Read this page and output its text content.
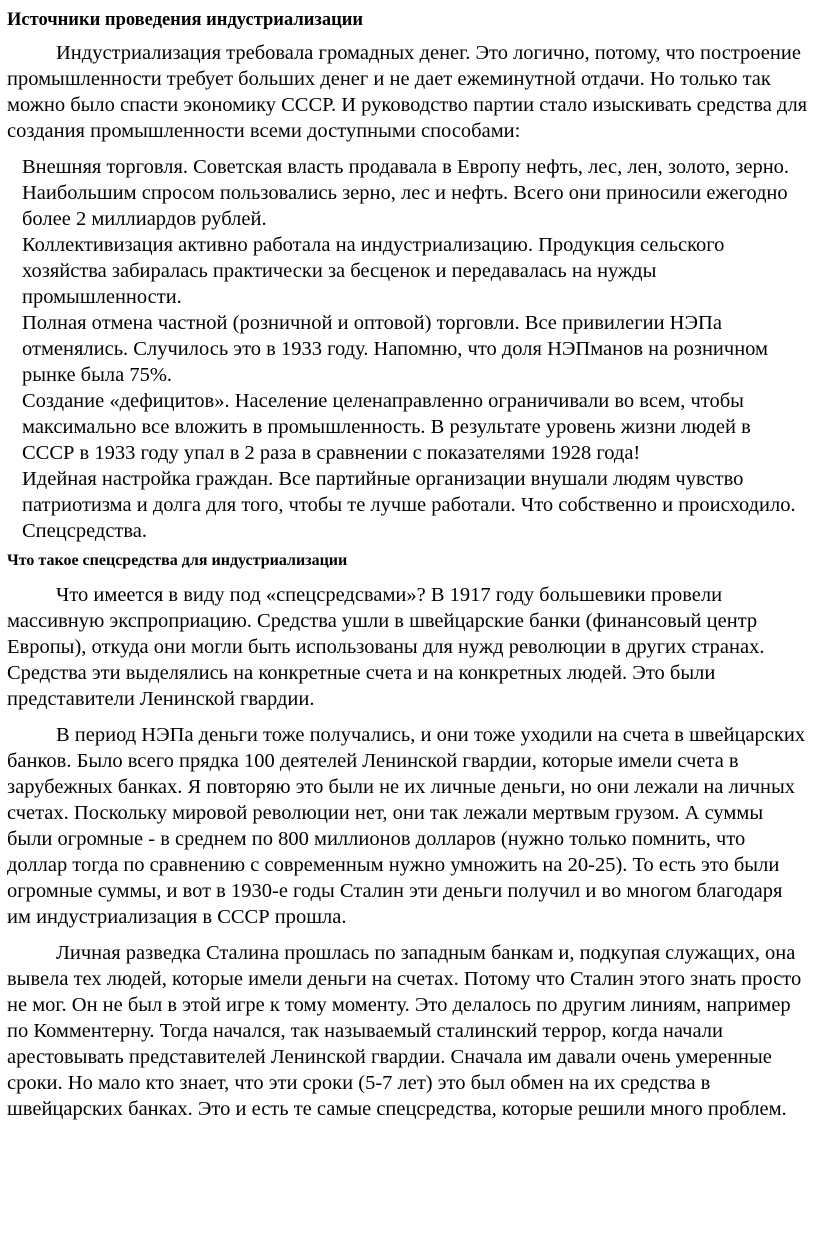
Источники проведения индустриализации

Индустриализация требовала громадных денег. Это логично, потому, что построение промышленности требует больших денег и не дает ежеминутной отдачи. Но только так можно было спасти экономику СССР. И руководство партии стало изыскивать средства для создания промышленности всеми доступными способами:

Внешняя торговля. Советская власть продавала в Европу нефть, лес, лен, золото, зерно. Наибольшим спросом пользовались зерно, лес и нефть. Всего они приносили ежегодно более 2 миллиардов рублей.
Коллективизация активно работала на индустриализацию. Продукция сельского хозяйства забиралась практически за бесценок и передавалась на нужды промышленности.
Полная отмена частной (розничной и оптовой) торговли. Все привилегии НЭПа отменялись. Случилось это в 1933 году. Напомню, что доля НЭПманов на розничном рынке была 75%.
Создание «дефицитов». Население целенаправленно ограничивали во всем, чтобы максимально все вложить в промышленность. В результате уровень жизни людей в СССР в 1933 году упал в 2 раза в сравнении с показателями 1928 года!
Идейная настройка граждан. Все партийные организации внушали людям чувство патриотизма и долга для того, чтобы те лучше работали. Что собственно и происходило.
Спецсредства.
Что такое спецсредства для индустриализации

Что имеется в виду под «спецсредсвами»? В 1917 году большевики провели массивную экспроприацию. Средства ушли в швейцарские банки (финансовый центр Европы), откуда они могли быть использованы для нужд революции в других странах. Средства эти выделялись на конкретные счета и на конкретных людей. Это были представители Ленинской гвардии.

В период НЭПа деньги тоже получались, и они тоже уходили на счета в швейцарских банков. Было всего прядка 100 деятелей Ленинской гвардии, которые имели счета в зарубежных банках. Я повторяю это были не их личные деньги, но они лежали на личных счетах. Поскольку мировой революции нет, они так лежали мертвым грузом. А суммы были огромные - в среднем по 800 миллионов долларов (нужно только помнить, что доллар тогда по сравнению с современным нужно умножить на 20-25). То есть это были огромные суммы, и вот в 1930-е годы Сталин эти деньги получил и во многом благодаря им индустриализация в СССР прошла.

Личная разведка Сталина прошлась по западным банкам и, подкупая служащих, она вывела тех людей, которые имели деньги на счетах. Потому что Сталин этого знать просто не мог. Он не был в этой игре к тому моменту. Это делалось по другим линиям, например по Комментерну. Тогда начался, так называемый сталинский террор, когда начали арестовывать представителей Ленинской гвардии. Сначала им давали очень умеренные сроки. Но мало кто знает, что эти сроки (5-7 лет) это был обмен на их средства в швейцарских банках. Это и есть те самые спецсредства, которые решили много проблем.
